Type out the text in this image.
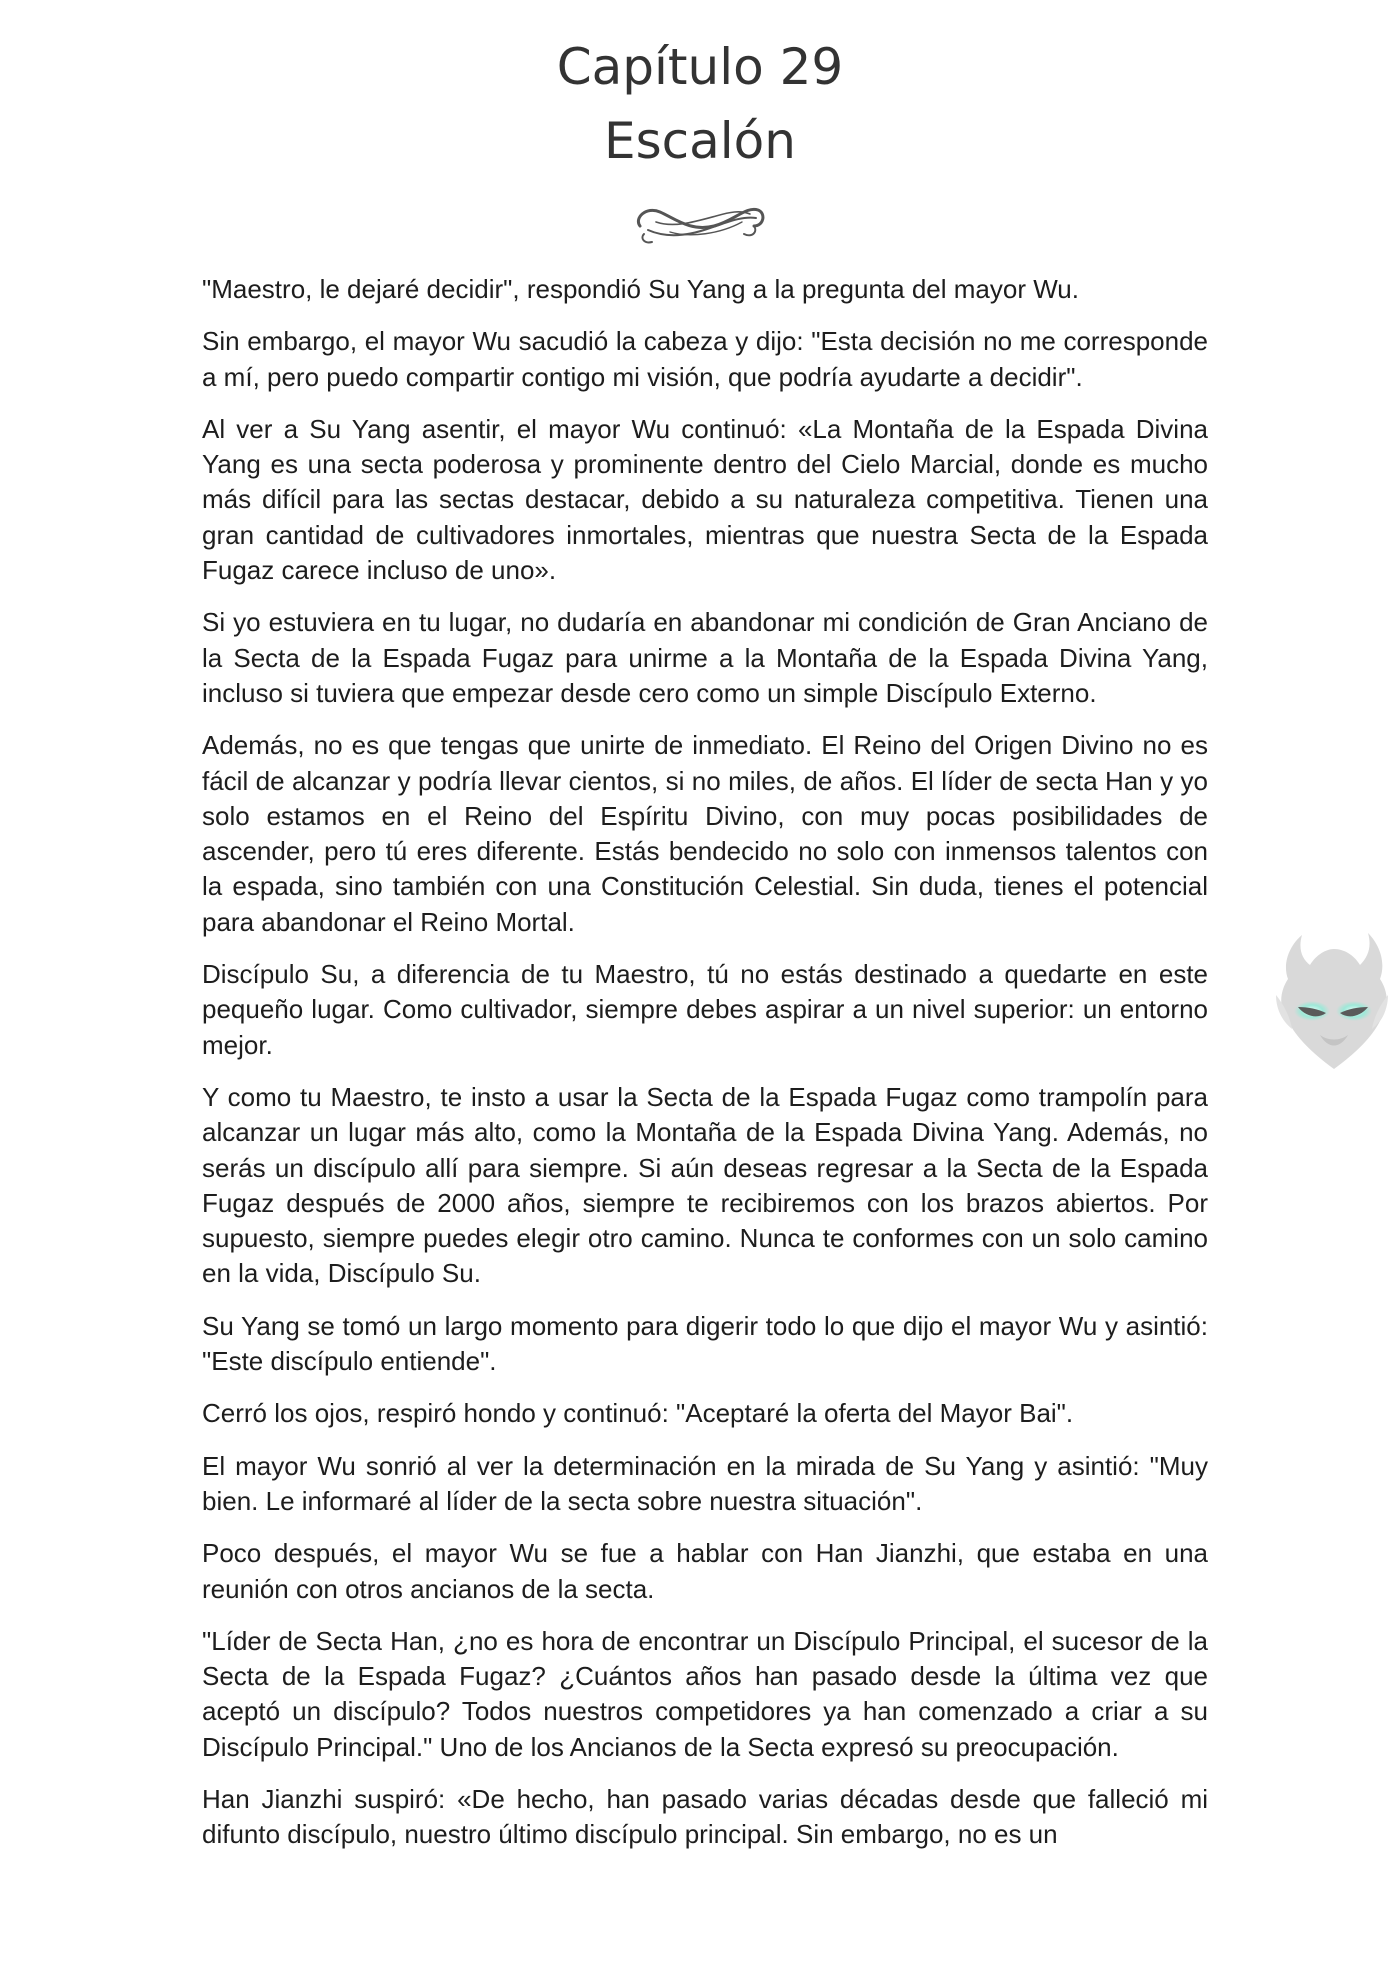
Capítulo 29
Escalón

"Maestro, le dejaré decidir", respondió Su Yang a la pregunta del mayor Wu.

Sin embargo, el mayor Wu sacudió la cabeza y dijo: "Esta decisión no me corresponde a mí, pero puedo compartir contigo mi visión, que podría ayudarte a decidir".

Al ver a Su Yang asentir, el mayor Wu continuó: «La Montaña de la Espada Divina Yang es una secta poderosa y prominente dentro del Cielo Marcial, donde es mucho más difícil para las sectas destacar, debido a su naturaleza competitiva. Tienen una gran cantidad de cultivadores inmortales, mientras que nuestra Secta de la Espada Fugaz carece incluso de uno».

Si yo estuviera en tu lugar, no dudaría en abandonar mi condición de Gran Anciano de la Secta de la Espada Fugaz para unirme a la Montaña de la Espada Divina Yang, incluso si tuviera que empezar desde cero como un simple Discípulo Externo.

Además, no es que tengas que unirte de inmediato. El Reino del Origen Divino no es fácil de alcanzar y podría llevar cientos, si no miles, de años. El líder de secta Han y yo solo estamos en el Reino del Espíritu Divino, con muy pocas posibilidades de ascender, pero tú eres diferente. Estás bendecido no solo con inmensos talentos con la espada, sino también con una Constitución Celestial. Sin duda, tienes el potencial para abandonar el Reino Mortal.

Discípulo Su, a diferencia de tu Maestro, tú no estás destinado a quedarte en este pequeño lugar. Como cultivador, siempre debes aspirar a un nivel superior: un entorno mejor.

Y como tu Maestro, te insto a usar la Secta de la Espada Fugaz como trampolín para alcanzar un lugar más alto, como la Montaña de la Espada Divina Yang. Además, no serás un discípulo allí para siempre. Si aún deseas regresar a la Secta de la Espada Fugaz después de 2000 años, siempre te recibiremos con los brazos abiertos. Por supuesto, siempre puedes elegir otro camino. Nunca te conformes con un solo camino en la vida, Discípulo Su.

Su Yang se tomó un largo momento para digerir todo lo que dijo el mayor Wu y asintió: "Este discípulo entiende".

Cerró los ojos, respiró hondo y continuó: "Aceptaré la oferta del Mayor Bai".

El mayor Wu sonrió al ver la determinación en la mirada de Su Yang y asintió: "Muy bien. Le informaré al líder de la secta sobre nuestra situación".

Poco después, el mayor Wu se fue a hablar con Han Jianzhi, que estaba en una reunión con otros ancianos de la secta.

"Líder de Secta Han, ¿no es hora de encontrar un Discípulo Principal, el sucesor de la Secta de la Espada Fugaz? ¿Cuántos años han pasado desde la última vez que aceptó un discípulo? Todos nuestros competidores ya han comenzado a criar a su Discípulo Principal." Uno de los Ancianos de la Secta expresó su preocupación.

Han Jianzhi suspiró: «De hecho, han pasado varias décadas desde que falleció mi difunto discípulo, nuestro último discípulo principal. Sin embargo, no es un
